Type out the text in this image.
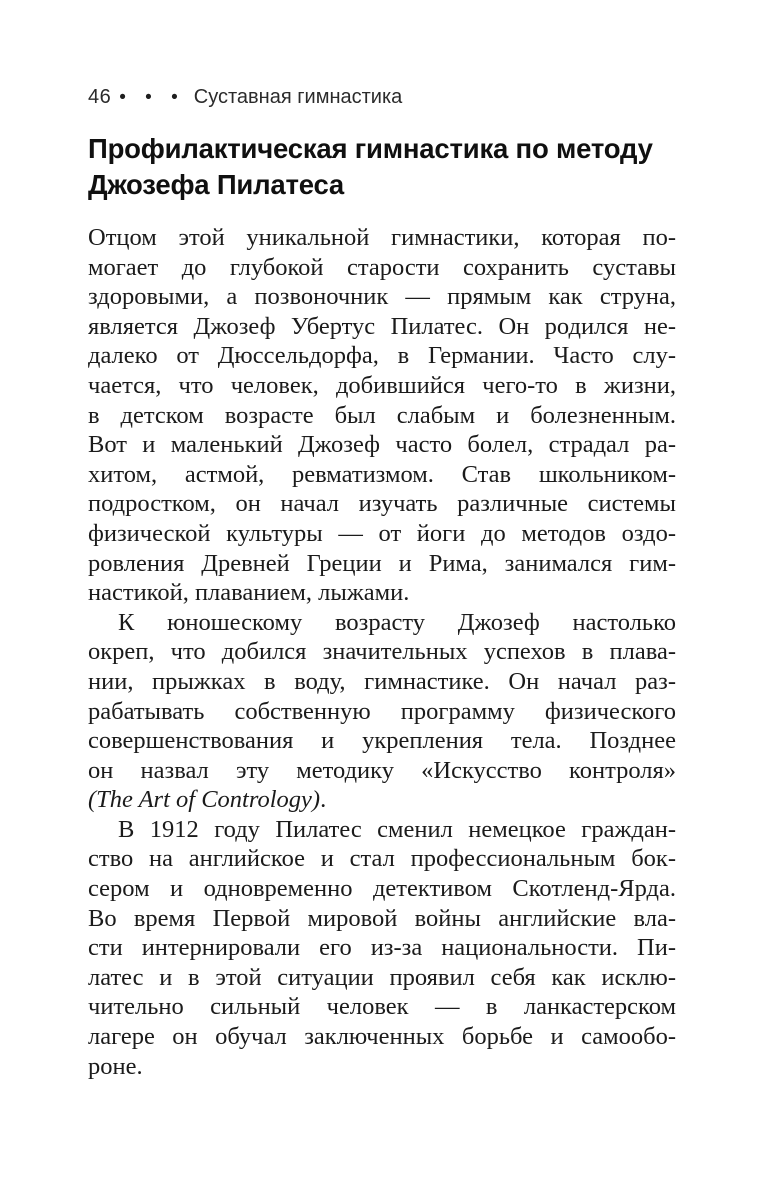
46 • • • Суставная гимнастика
Профилактическая гимнастика по методу
Джозефа Пилатеса
Отцом этой уникальной гимнастики, которая по-
могает до глубокой старости сохранить суставы
здоровыми, а позвоночник — прямым как струна,
является Джозеф Убертус Пилатес. Он родился не-
далеко от Дюссельдорфа, в Германии. Часто слу-
чается, что человек, добившийся чего-то в жизни,
в детском возрасте был слабым и болезненным.
Вот и маленький Джозеф часто болел, страдал ра-
хитом, астмой, ревматизмом. Став школьником-
подростком, он начал изучать различные системы
физической культуры — от йоги до методов оздо-
ровления Древней Греции и Рима, занимался гим-
настикой, плаванием, лыжами.
К юношескому возрасту Джозеф настолько
окреп, что добился значительных успехов в плава-
нии, прыжках в воду, гимнастике. Он начал раз-
рабатывать собственную программу физического
совершенствования и укрепления тела. Позднее
он назвал эту методику «Искусство контроля»
(The Art of Contrology).
В 1912 году Пилатес сменил немецкое граждан-
ство на английское и стал профессиональным бок-
сером и одновременно детективом Скотленд-Ярда.
Во время Первой мировой войны английские вла-
сти интернировали его из-за национальности. Пи-
латес и в этой ситуации проявил себя как исклю-
чительно сильный человек — в ланкастерском
лагере он обучал заключенных борьбе и самообо-
роне.
